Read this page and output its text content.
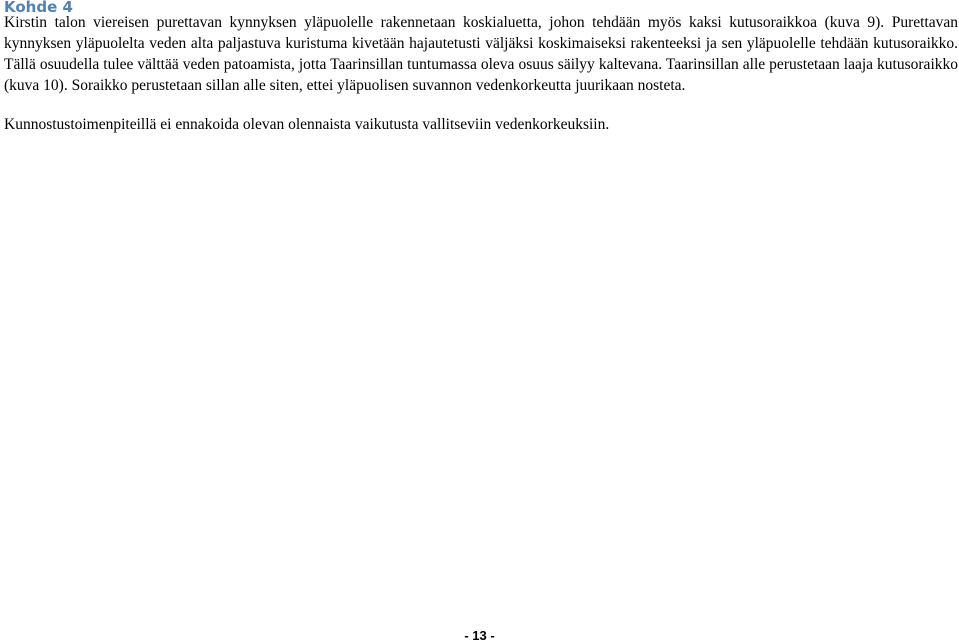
Kohde 4

Kirstin talon viereisen purettavan kynnyksen yläpuolelle rakennetaan koskialuetta, johon tehdään myös kaksi kutusoraikkoa (kuva 9). Purettavan kynnyksen yläpuolelta veden alta paljastuva kuristuma kivetään hajautetusti väljäksi koskimaiseksi rakenteeksi ja sen yläpuolelle tehdään kutusoraikko. Tällä osuudella tulee välttää veden patoamista, jotta Taarinsillan tuntumassa oleva osuus säilyy kaltevana. Taarinsillan alle perustetaan laaja kutusoraikko (kuva 10). Soraikko perustetaan sillan alle siten, ettei yläpuolisen suvannon vedenkorkeutta juurikaan nosteta.

Kunnostustoimenpiteillä ei ennakoida olevan olennaista vaikutusta vallitseviin vedenkorkeuksiin.

- 13 -
